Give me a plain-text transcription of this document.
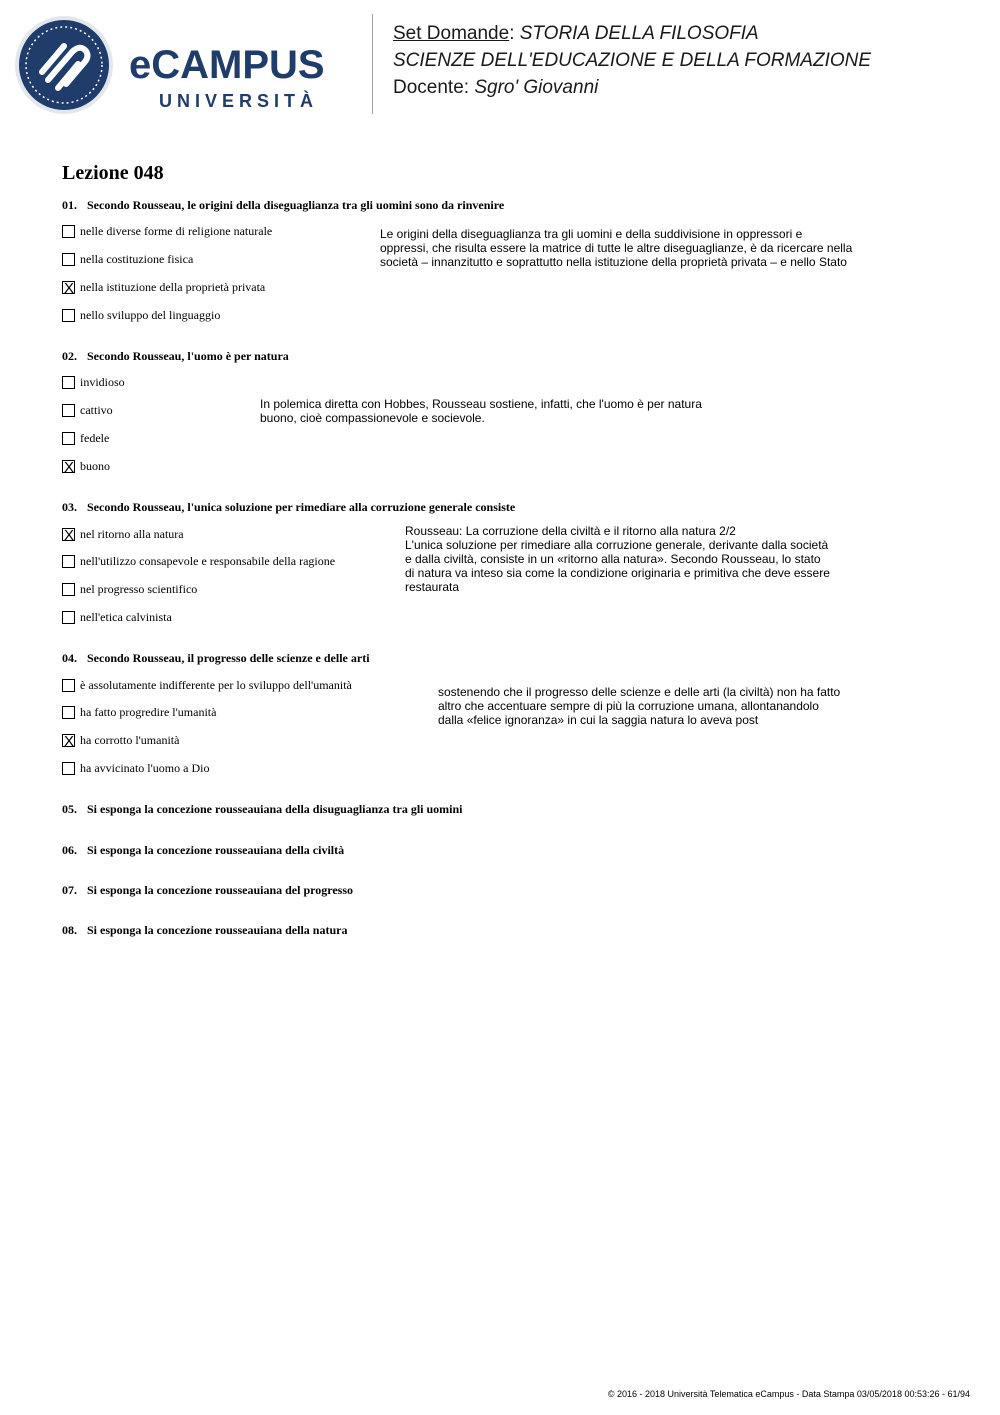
eCAMPUS
UNIVERSITÀ
Set Domande: STORIA DELLA FILOSOFIA
SCIENZE DELL'EDUCAZIONE E DELLA FORMAZIONE
Docente: Sgro' Giovanni
Lezione 048
01. Secondo Rousseau, le origini della diseguaglianza tra gli uomini sono da rinvenire
nelle diverse forme di religione naturale
nella costituzione fisica
X nella istituzione della proprietà privata
nello sviluppo del linguaggio
Le origini della diseguaglianza tra gli uomini e della suddivisione in oppressori e
oppressi, che risulta essere la matrice di tutte le altre diseguaglianze, è da ricercare nella
società – innanzitutto e soprattutto nella istituzione della proprietà privata – e nello Stato
02. Secondo Rousseau, l'uomo è per natura
invidioso
cattivo
fedele
X buono
In polemica diretta con Hobbes, Rousseau sostiene, infatti, che l'uomo è per natura
buono, cioè compassionevole e socievole.
03. Secondo Rousseau, l'unica soluzione per rimediare alla corruzione generale consiste
X nel ritorno alla natura
nell'utilizzo consapevole e responsabile della ragione
nel progresso scientifico
nell'etica calvinista
Rousseau: La corruzione della civiltà e il ritorno alla natura 2/2
L'unica soluzione per rimediare alla corruzione generale, derivante dalla società
e dalla civiltà, consiste in un «ritorno alla natura». Secondo Rousseau, lo stato
di natura va inteso sia come la condizione originaria e primitiva che deve essere
restaurata
04. Secondo Rousseau, il progresso delle scienze e delle arti
è assolutamente indifferente per lo sviluppo dell'umanità
ha fatto progredire l'umanità
X ha corrotto l'umanità
ha avvicinato l'uomo a Dio
sostenendo che il progresso delle scienze e delle arti (la civiltà) non ha fatto
altro che accentuare sempre di più la corruzione umana, allontanandolo
dalla «felice ignoranza» in cui la saggia natura lo aveva post
05. Si esponga la concezione rousseauiana della disuguaglianza tra gli uomini
06. Si esponga la concezione rousseauiana della civiltà
07. Si esponga la concezione rousseauiana del progresso
08. Si esponga la concezione rousseauiana della natura
© 2016 - 2018 Università Telematica eCampus - Data Stampa 03/05/2018 00:53:26 - 61/94
